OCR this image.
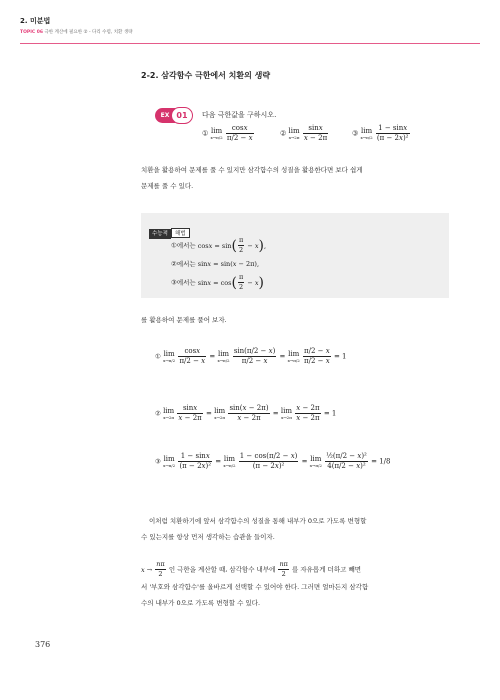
2. 미분법
TOPIC 06 극한 계산에 필요한 ② - 다리 수렴, 치환 생략
2-2. 삼각함수 극한에서 치환의 생략
EX 01	다음 극한값을 구하시오.
① lim
x→π/2
$\frac{\cos x}{\pi/2 - x}$	② lim
x→2π
$\frac{\sin x}{x - 2\pi}$	③ lim
x→π/2
$\frac{1 - \sin x}{\text{(π − 2x)²}}$
치환을 활용하여 문제를 풀 수 있지만 삼각함수의 성질을 활용한다면 보다 쉽게
문제를 풀 수 있다.
수능적 해법
①에서는 $\cos x = \sin( \frac{\pi}{2} - x)$,
②에서는 sinx = sin(x − 2π),
③에서는 $\sin x = \cos( \frac{\pi}{2} - x)$
를 활용하여 문제를 풀어 보자.
① lim
x→π/2
$\frac{\cos x}{\pi/2 - x} = \lim$
x→π/2
$\frac{\sin(\pi/2 - x)}{\pi/2 - x} = \lim$
x→π/2
$\frac{\pi/2 - x}{\pi/2 - x} = 1$
② lim
x→2π
$\frac{\sin x}{x - 2\pi} = \lim$
x→2π
$\frac{\sin(x - 2\pi)}{x - 2\pi} = \lim$
x→2π
$\frac{x - 2\pi}{x - 2\pi} = 1$
③ lim
x→π/2
$\frac{1 - \sin x}{\text{(π − 2x)²}} = \lim$
x→π/2
$\frac{1 - \cos(\pi/2 - x)}{\text{(π − 2x)²}} = \lim$
x→π/2
$\frac{\text{½(π/2 − x)²}}{\text{4(π/2 − x)²}} = 1/8$
이처럼 치환하기에 앞서 삼각함수의 성질을 통해 내부가 0으로 가도록 변형할
수 있는지를 항상 먼저 생각하는 습관을 들이자.
$x \to \frac{n\pi}{2}$ 인 극한을 계산할 때, 삼각함수 내부에 $\frac{n\pi}{2}$ 를 자유롭게 더하고 빼면
서 '부호와 삼각함수'를 올바르게 선택할 수 있어야 한다. 그러면 얼마든지 삼각함
수의 내부가 0으로 가도록 변형할 수 있다.
376
